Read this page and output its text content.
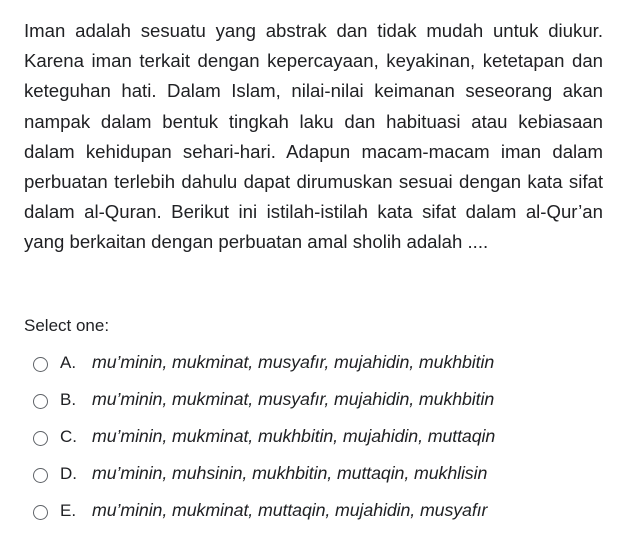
Iman adalah sesuatu yang abstrak dan tidak mudah untuk diukur. Karena iman terkait dengan kepercayaan, keyakinan, ketetapan dan keteguhan hati. Dalam Islam, nilai-nilai keimanan seseorang akan nampak dalam bentuk tingkah laku dan habituasi atau kebiasaan dalam kehidupan sehari-hari. Adapun macam-macam iman dalam perbuatan terlebih dahulu dapat dirumuskan sesuai dengan kata sifat dalam al-Quran. Berikut ini istilah-istilah kata sifat dalam al-Qur’an yang berkaitan dengan perbuatan amal sholih adalah ....

Select one:

A. mu’minin, mukminat, musyafır, mujahidin, mukhbitin
B. mu’minin, mukminat, musyafır, mujahidin, mukhbitin
C. mu’minin, mukminat, mukhbitin, mujahidin, muttaqin
D. mu’minin, muhsinin, mukhbitin, muttaqin, mukhlisin
E. mu’minin, mukminat, muttaqin, mujahidin, musyafır
